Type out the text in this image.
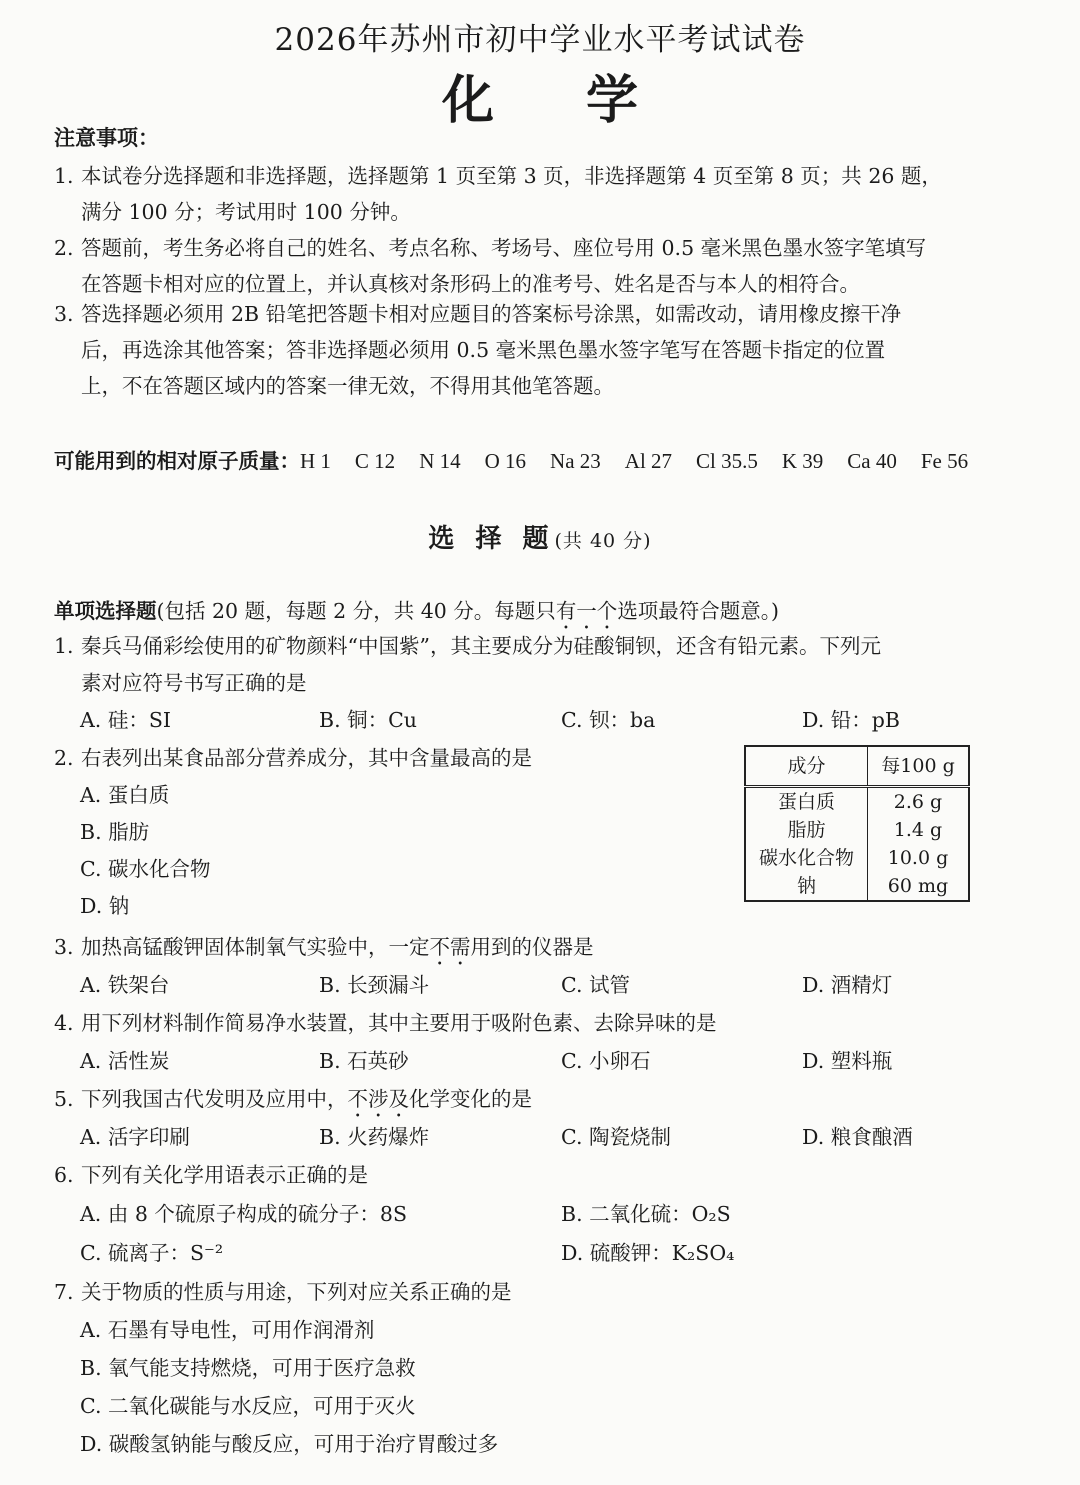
2026年苏州市初中学业水平考试试卷
化学
注意事项：
1. 本试卷分选择题和非选择题，选择题第 1 页至第 3 页，非选择题第 4 页至第 8 页；共 26 题，
满分 100 分；考试用时 100 分钟。
2. 答题前，考生务必将自己的姓名、考点名称、考场号、座位号用 0.5 毫米黑色墨水签字笔填写
在答题卡相对应的位置上，并认真核对条形码上的准考号、姓名是否与本人的相符合。
3. 答选择题必须用 2B 铅笔把答题卡相对应题目的答案标号涂黑，如需改动，请用橡皮擦干净
后，再选涂其他答案；答非选择题必须用 0.5 毫米黑色墨水签字笔写在答题卡指定的位置
上，不在答题区域内的答案一律无效，不得用其他笔答题。
可能用到的相对原子质量：H 1 C 12 N 14 O 16 Na 23 Al 27 Cl 35.5 K 39 Ca 40 Fe 56
选 择 题(共 40 分)
单项选择题(包括 20 题，每题 2 分，共 40 分。每题只有一个选项最符合题意。)
1. 秦兵马俑彩绘使用的矿物颜料“中国紫”，其主要成分为硅酸铜钡，还含有铅元素。下列元
素对应符号书写正确的是
A. 硅：SI	B. 铜：Cu	C. 钡：ba	D. 铅：pB
2. 右表列出某食品部分营养成分，其中含量最高的是
A. 蛋白质
B. 脂肪
C. 碳水化合物
D. 钠
成分	每100 g
蛋白质	2.6 g
脂肪	1.4 g
碳水化合物	10.0 g
钠	60 mg
3. 加热高锰酸钾固体制氧气实验中，一定不需用到的仪器是
A. 铁架台	B. 长颈漏斗	C. 试管	D. 酒精灯
4. 用下列材料制作简易净水装置，其中主要用于吸附色素、去除异味的是
A. 活性炭	B. 石英砂	C. 小卵石	D. 塑料瓶
5. 下列我国古代发明及应用中，不涉及化学变化的是
A. 活字印刷	B. 火药爆炸	C. 陶瓷烧制	D. 粮食酿酒
6. 下列有关化学用语表示正确的是
A. 由 8 个硫原子构成的硫分子：8S	B. 二氧化硫：O₂S
C. 硫离子：S⁻²	D. 硫酸钾：K₂SO₄
7. 关于物质的性质与用途，下列对应关系正确的是
A. 石墨有导电性，可用作润滑剂
B. 氧气能支持燃烧，可用于医疗急救
C. 二氧化碳能与水反应，可用于灭火
D. 碳酸氢钠能与酸反应，可用于治疗胃酸过多
